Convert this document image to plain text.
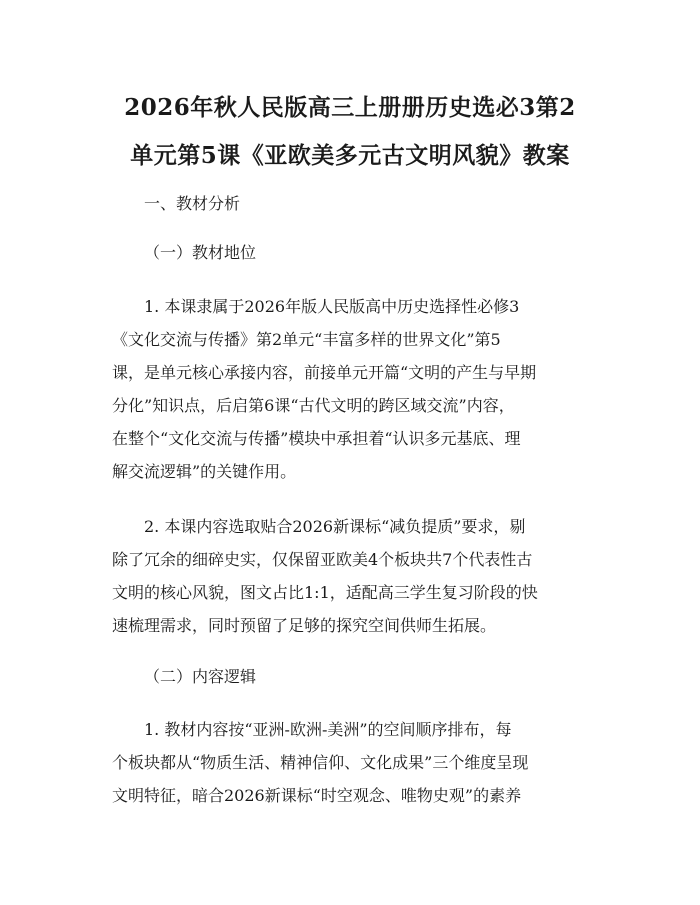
2026年秋人民版高三上册册历史选必3第2
单元第5课《亚欧美多元古文明风貌》教案

一、教材分析

（一）教材地位

1. 本课隶属于2026年版人民版高中历史选择性必修3
《文化交流与传播》第2单元“丰富多样的世界文化”第5
课，是单元核心承接内容，前接单元开篇“文明的产生与早期
分化”知识点，后启第6课“古代文明的跨区域交流”内容，
在整个“文化交流与传播”模块中承担着“认识多元基底、理
解交流逻辑”的关键作用。

2. 本课内容选取贴合2026新课标“减负提质”要求，剔
除了冗余的细碎史实，仅保留亚欧美4个板块共7个代表性古
文明的核心风貌，图文占比1:1，适配高三学生复习阶段的快
速梳理需求，同时预留了足够的探究空间供师生拓展。

（二）内容逻辑

1. 教材内容按“亚洲-欧洲-美洲”的空间顺序排布，每
个板块都从“物质生活、精神信仰、文化成果”三个维度呈现
文明特征，暗合2026新课标“时空观念、唯物史观”的素养
